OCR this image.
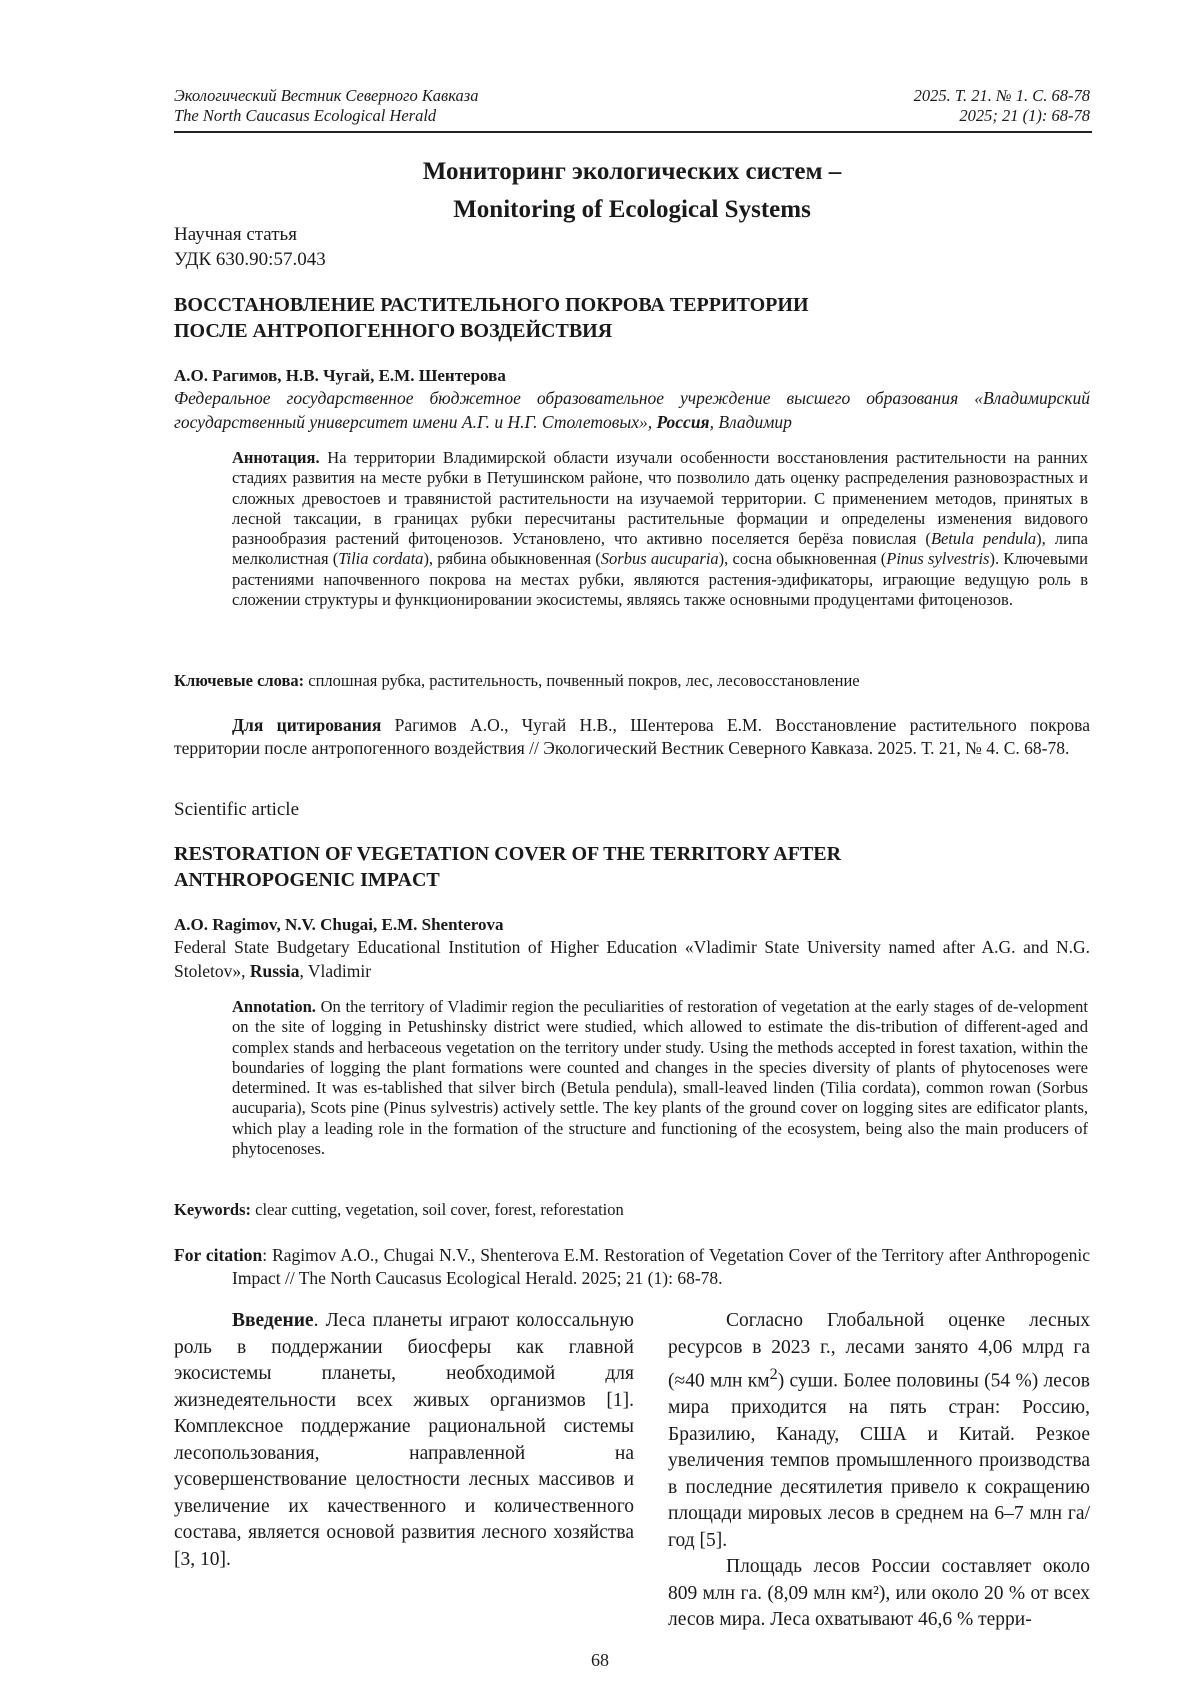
Экологический Вестник Северного Кавказа	2025. Т. 21. № 1. С. 68-78
The North Caucasus Ecological Herald	2025; 21 (1): 68-78
Мониторинг экологических систем –
Monitoring of Ecological Systems
Научная статья
УДК 630.90:57.043
ВОССТАНОВЛЕНИЕ РАСТИТЕЛЬНОГО ПОКРОВА ТЕРРИТОРИИ
ПОСЛЕ АНТРОПОГЕННОГО ВОЗДЕЙСТВИЯ
А.О. Рагимов, Н.В. Чугай, Е.М. Шентерова
Федеральное государственное бюджетное образовательное учреждение высшего образования «Владимирский государственный университет имени А.Г. и Н.Г. Столетовых», Россия, Владимир
Аннотация. На территории Владимирской области изучали особенности восстановления растительности на ранних стадиях развития на месте рубки в Петушинском районе, что позволило дать оценку распределения разновозрастных и сложных древостоев и травянистой растительности на изучаемой территории. С применением методов, принятых в лесной таксации, в границах рубки пересчитаны растительные формации и определены изменения видового разнообразия растений фитоценозов. Установлено, что активно поселяется берёза повислая (Betula pendula), липа мелколистная (Tilia cordata), рябина обыкновенная (Sorbus aucuparia), сосна обыкновенная (Pinus sylvestris). Ключевыми растениями напочвенного покрова на местах рубки, являются растения-эдификаторы, играющие ведущую роль в сложении структуры и функционировании экосистемы, являясь также основными продуцентами фитоценозов.
Ключевые слова: сплошная рубка, растительность, почвенный покров, лес, лесовосстановление
Для цитирования Рагимов А.О., Чугай Н.В., Шентерова Е.М. Восстановление растительного покрова территории после антропогенного воздействия // Экологический Вестник Северного Кавказа. 2025. Т. 21, № 4. С. 68-78.
Scientific article
RESTORATION OF VEGETATION COVER OF THE TERRITORY AFTER
ANTHROPOGENIC IMPACT
A.O. Ragimov, N.V. Chugai, E.M. Shenterova
Federal State Budgetary Educational Institution of Higher Education «Vladimir State University named after A.G. and N.G. Stoletov», Russia, Vladimir
Annotation. On the territory of Vladimir region the peculiarities of restoration of vegetation at the early stages of de-velopment on the site of logging in Petushinsky district were studied, which allowed to estimate the dis-tribution of different-aged and complex stands and herbaceous vegetation on the territory under study. Using the methods accepted in forest taxation, within the boundaries of logging the plant formations were counted and changes in the species diversity of plants of phytocenoses were determined. It was es-tablished that silver birch (Betula pendula), small-leaved linden (Tilia cordata), common rowan (Sorbus aucuparia), Scots pine (Pinus sylvestris) actively settle. The key plants of the ground cover on logging sites are edificator plants, which play a leading role in the formation of the structure and functioning of the ecosystem, being also the main producers of phytocenoses.
Keywords: clear cutting, vegetation, soil cover, forest, reforestation
For citation: Ragimov A.O., Chugai N.V., Shenterova E.M. Restoration of Vegetation Cover of the Territory after Anthropogenic Impact // The North Caucasus Ecological Herald. 2025; 21 (1): 68-78.

Введение. Леса планеты играют колоссальную роль в поддержании биосферы как главной экосистемы планеты, необходимой для жизнедеятельности всех живых организмов [1]. Комплексное поддержание рациональной системы лесопользования, направленной на усовершенствование целостности лесных массивов и увеличение их качественного и количественного состава, является основой развития лесного хозяйства [3, 10].

Согласно Глобальной оценке лесных ресурсов в 2023 г., лесами занято 4,06 млрд га (≈40 млн $км^2$) суши. Более половины (54 %) лесов мира приходится на пять стран: Россию, Бразилию, Канаду, США и Китай. Резкое увеличения темпов промышленного производства в последние десятилетия привело к сокращению площади мировых лесов в среднем на 6–7 млн га/год [5].

Площадь лесов России составляет около 809 млн га. (8,09 млн км²), или около 20 % от всех лесов мира. Леса охватывают 46,6 % терри-

68
